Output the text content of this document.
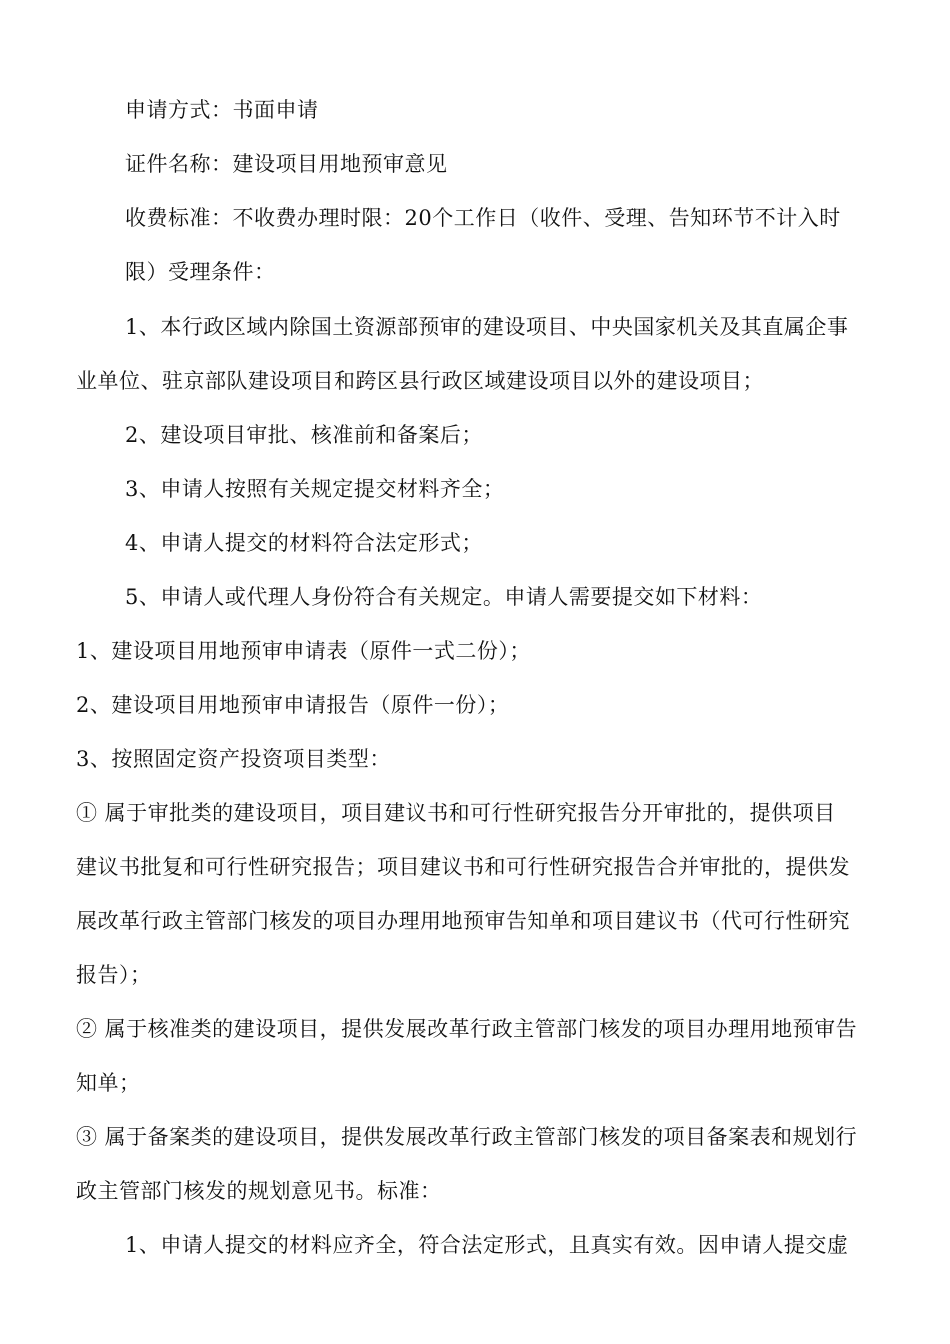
申请方式：书面申请
证件名称：建设项目用地预审意见
收费标准：不收费办理时限：20个工作日（收件、受理、告知环节不计入时
限）受理条件：
1、本行政区域内除国土资源部预审的建设项目、中央国家机关及其直属企事
业单位、驻京部队建设项目和跨区县行政区域建设项目以外的建设项目；
2、建设项目审批、核准前和备案后；
3、申请人按照有关规定提交材料齐全；
4、申请人提交的材料符合法定形式；
5、申请人或代理人身份符合有关规定。申请人需要提交如下材料：
1、建设项目用地预审申请表（原件一式二份）；
2、建设项目用地预审申请报告（原件一份）；
3、按照固定资产投资项目类型：
① 属于审批类的建设项目，项目建议书和可行性研究报告分开审批的，提供项目
建议书批复和可行性研究报告；项目建议书和可行性研究报告合并审批的，提供发
展改革行政主管部门核发的项目办理用地预审告知单和项目建议书（代可行性研究
报告）；
② 属于核准类的建设项目，提供发展改革行政主管部门核发的项目办理用地预审告
知单；
③ 属于备案类的建设项目，提供发展改革行政主管部门核发的项目备案表和规划行
政主管部门核发的规划意见书。标准：
1、申请人提交的材料应齐全，符合法定形式，且真实有效。因申请人提交虚
